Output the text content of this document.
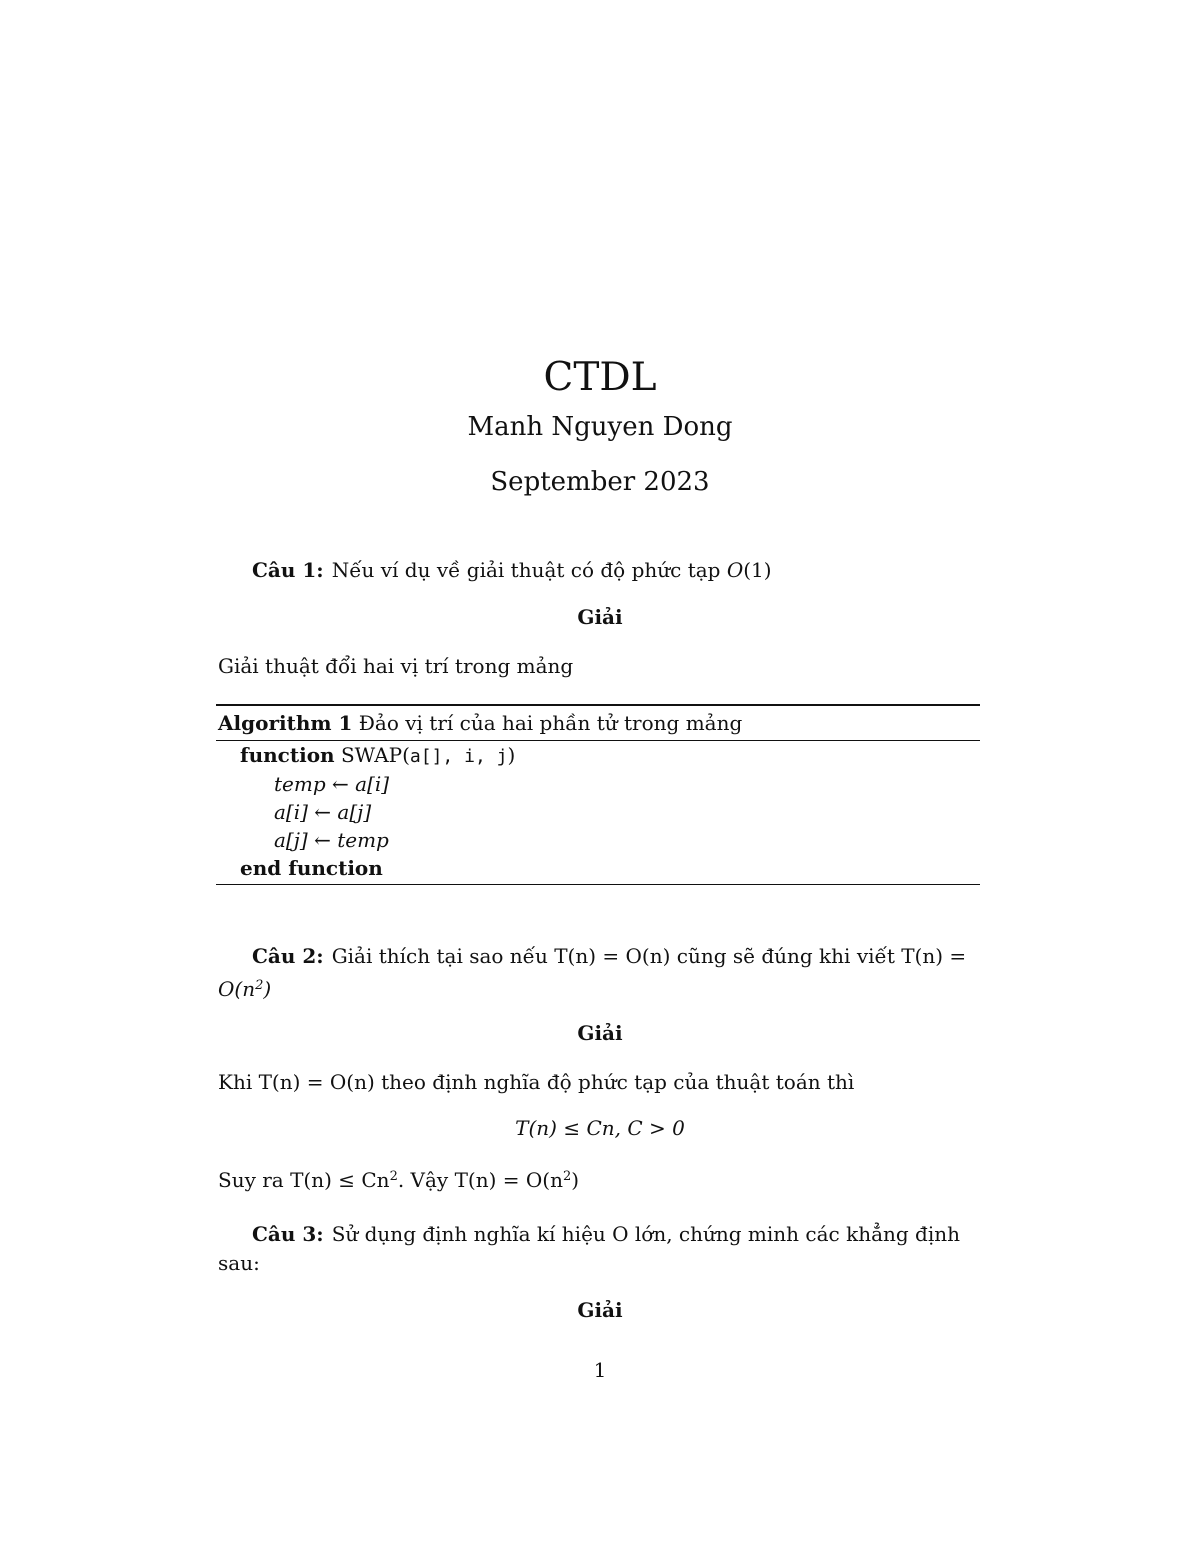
CTDL
Manh Nguyen Dong
September 2023
Câu 1: Nếu ví dụ về giải thuật có độ phức tạp O(1)
Giải
Giải thuật đổi hai vị trí trong mảng
Algorithm 1 Đảo vị trí của hai phần tử trong mảng
function SWAP(a[], i, j)
temp ← a[i]
a[i] ← a[j]
a[j] ← temp
end function
Câu 2: Giải thích tại sao nếu T(n) = O(n) cũng sẽ đúng khi viết T(n) =
$O(n^2)$
Giải
Khi T(n) = O(n) theo định nghĩa độ phức tạp của thuật toán thì
T(n) ≤ Cn, C > 0
Suy ra $T(n) \le Cn^2$. Vậy $T(n) = O(n^2)$
Câu 3: Sử dụng định nghĩa kí hiệu O lớn, chứng minh các khẳng định
sau:
Giải
1
